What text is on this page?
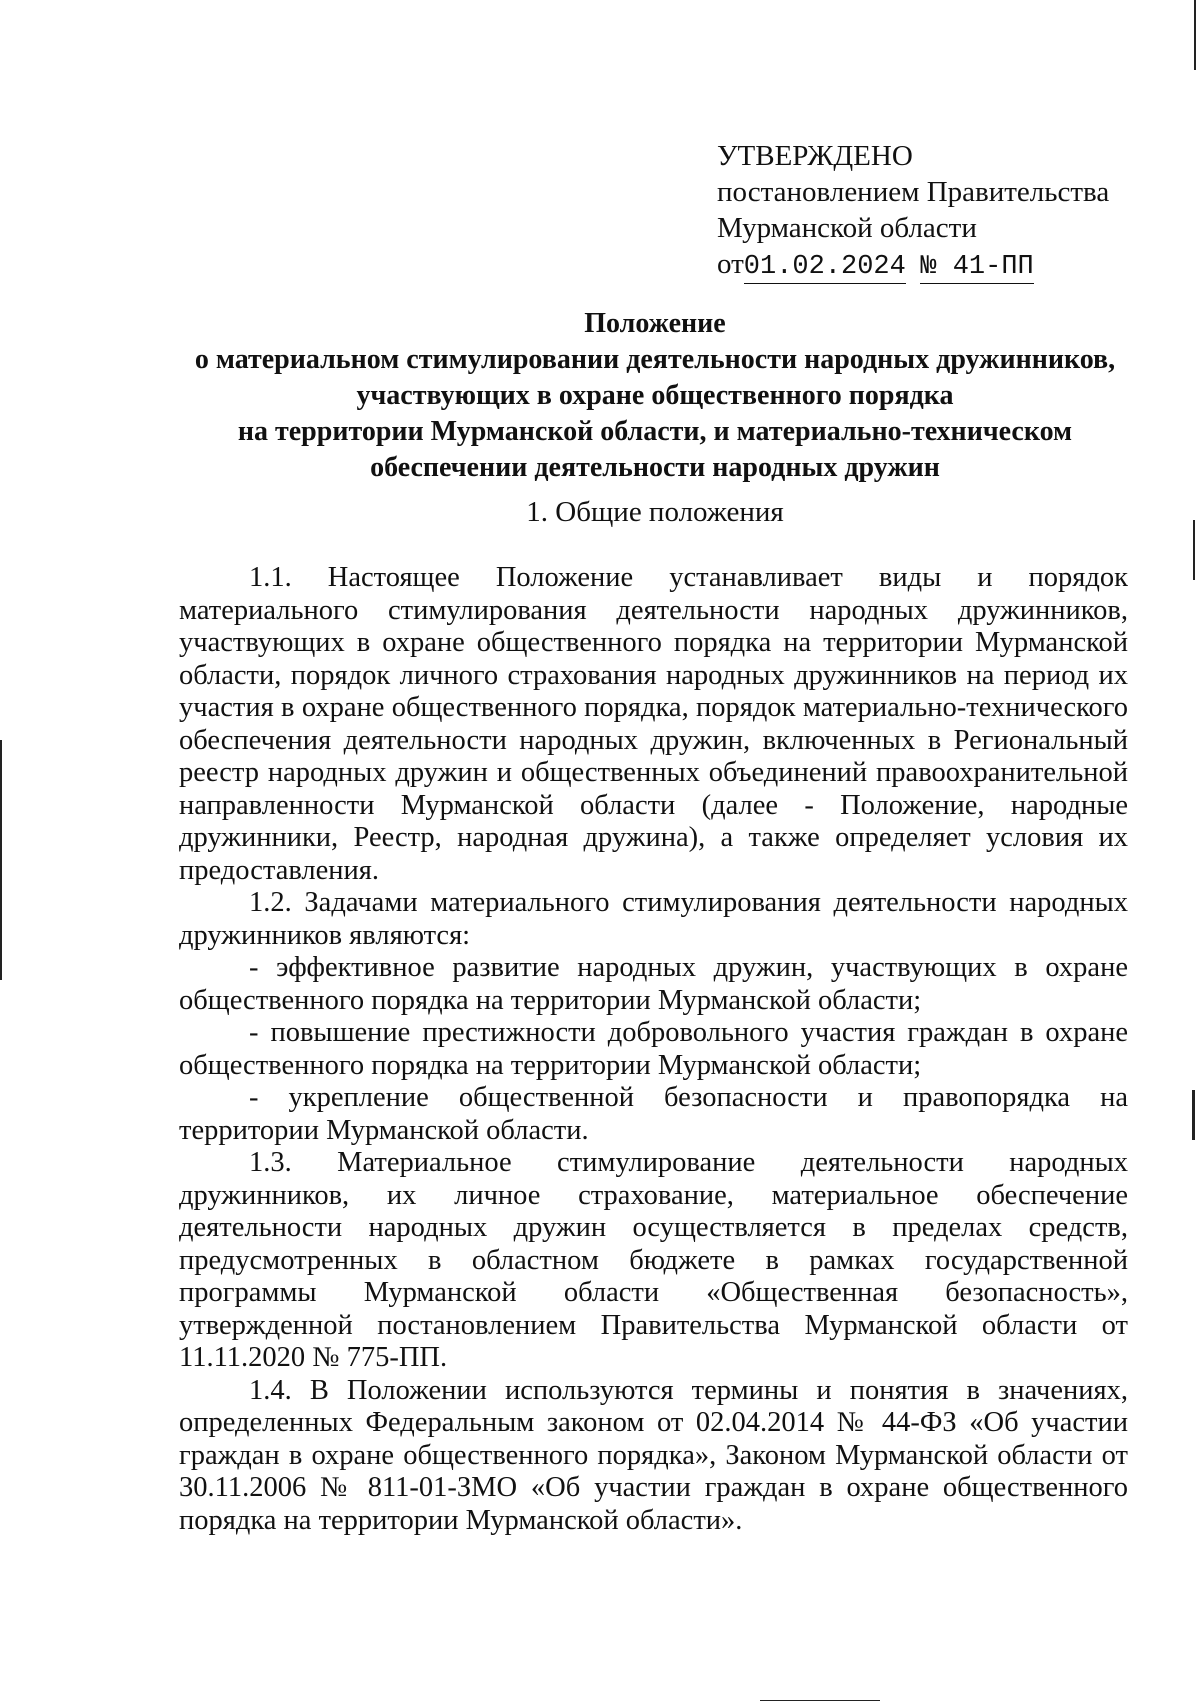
УТВЕРЖДЕНО
постановлением Правительства
Мурманской области
от01.02.2024 № 41-ПП
Положение
о материальном стимулировании деятельности народных дружинников,
участвующих в охране общественного порядка
на территории Мурманской области, и материально-техническом
обеспечении деятельности народных дружин
1. Общие положения

1.1. Настоящее Положение устанавливает виды и порядок материального стимулирования деятельности народных дружинников, участвующих в охране общественного порядка на территории Мурманской области, порядок личного страхования народных дружинников на период их участия в охране общественного порядка, порядок материально-технического обеспечения деятельности народных дружин, включенных в Региональный реестр народных дружин и общественных объединений правоохранительной направленности Мурманской области (далее - Положение, народные дружинники, Реестр, народная дружина), а также определяет условия их предоставления.

1.2. Задачами материального стимулирования деятельности народных дружинников являются:

- эффективное развитие народных дружин, участвующих в охране общественного порядка на территории Мурманской области;

- повышение престижности добровольного участия граждан в охране общественного порядка на территории Мурманской области;

- укрепление общественной безопасности и правопорядка на территории Мурманской области.

1.3. Материальное стимулирование деятельности народных дружинников, их личное страхование, материальное обеспечение деятельности народных дружин осуществляется в пределах средств, предусмотренных в областном бюджете в рамках государственной программы Мурманской области «Общественная безопасность», утвержденной постановлением Правительства Мурманской области от 11.11.2020 № 775-ПП.

1.4. В Положении используются термины и понятия в значениях, определенных Федеральным законом от 02.04.2014 № 44-ФЗ «Об участии граждан в охране общественного порядка», Законом Мурманской области от 30.11.2006 № 811-01-ЗМО «Об участии граждан в охране общественного порядка на территории Мурманской области».
